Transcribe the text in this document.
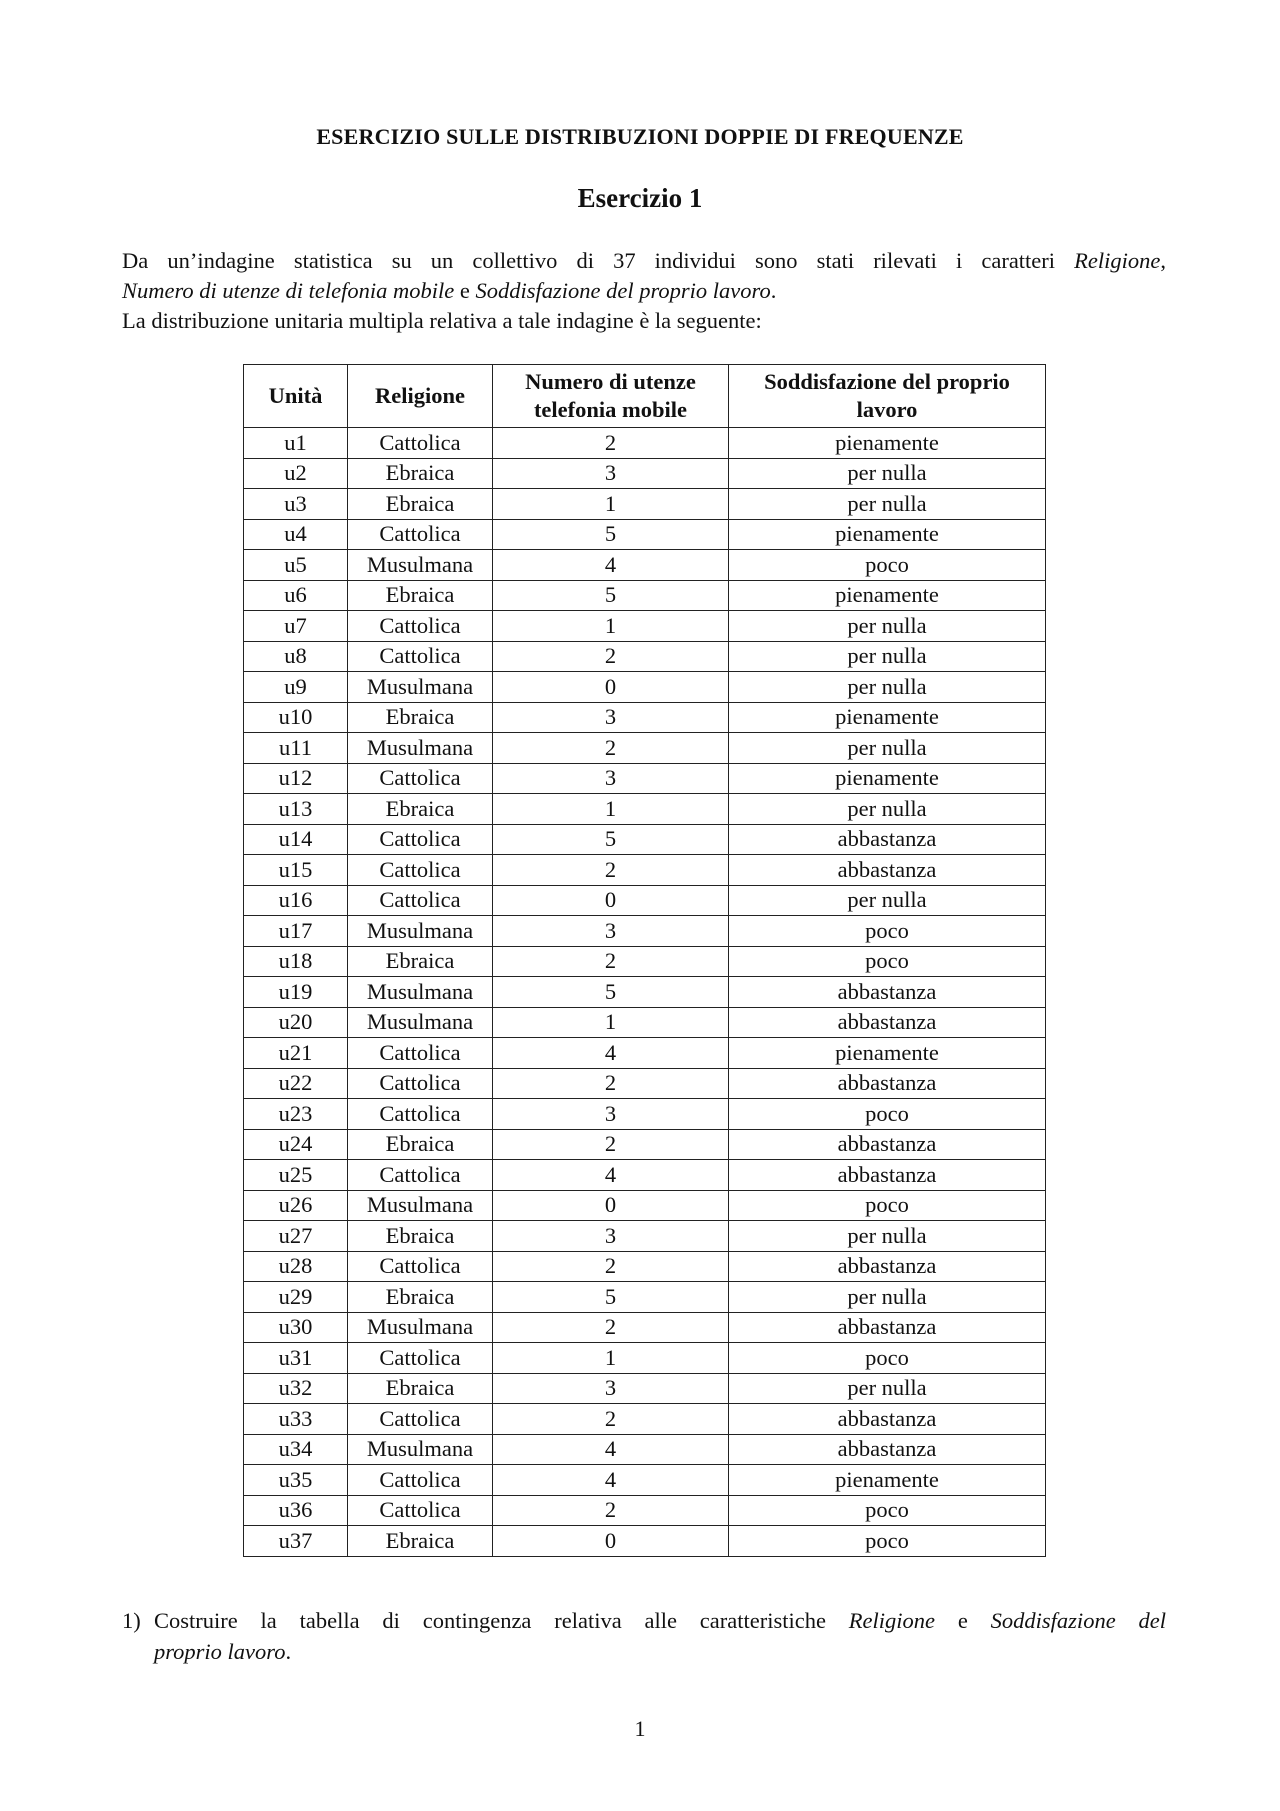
ESERCIZIO SULLE DISTRIBUZIONI DOPPIE DI FREQUENZE
Esercizio 1
Da un’indagine statistica su un collettivo di 37 individui sono stati rilevati i caratteri Religione,
Numero di utenze di telefonia mobile e Soddisfazione del proprio lavoro.
La distribuzione unitaria multipla relativa a tale indagine è la seguente:
Unità	Religione	Numero di utenze telefonia mobile	Soddisfazione del proprio lavoro
u1	Cattolica	2	pienamente
u2	Ebraica	3	per nulla
u3	Ebraica	1	per nulla
u4	Cattolica	5	pienamente
u5	Musulmana	4	poco
u6	Ebraica	5	pienamente
u7	Cattolica	1	per nulla
u8	Cattolica	2	per nulla
u9	Musulmana	0	per nulla
u10	Ebraica	3	pienamente
u11	Musulmana	2	per nulla
u12	Cattolica	3	pienamente
u13	Ebraica	1	per nulla
u14	Cattolica	5	abbastanza
u15	Cattolica	2	abbastanza
u16	Cattolica	0	per nulla
u17	Musulmana	3	poco
u18	Ebraica	2	poco
u19	Musulmana	5	abbastanza
u20	Musulmana	1	abbastanza
u21	Cattolica	4	pienamente
u22	Cattolica	2	abbastanza
u23	Cattolica	3	poco
u24	Ebraica	2	abbastanza
u25	Cattolica	4	abbastanza
u26	Musulmana	0	poco
u27	Ebraica	3	per nulla
u28	Cattolica	2	abbastanza
u29	Ebraica	5	per nulla
u30	Musulmana	2	abbastanza
u31	Cattolica	1	poco
u32	Ebraica	3	per nulla
u33	Cattolica	2	abbastanza
u34	Musulmana	4	abbastanza
u35	Cattolica	4	pienamente
u36	Cattolica	2	poco
u37	Ebraica	0	poco
1) Costruire la tabella di contingenza relativa alle caratteristiche Religione e Soddisfazione del
proprio lavoro.
1
